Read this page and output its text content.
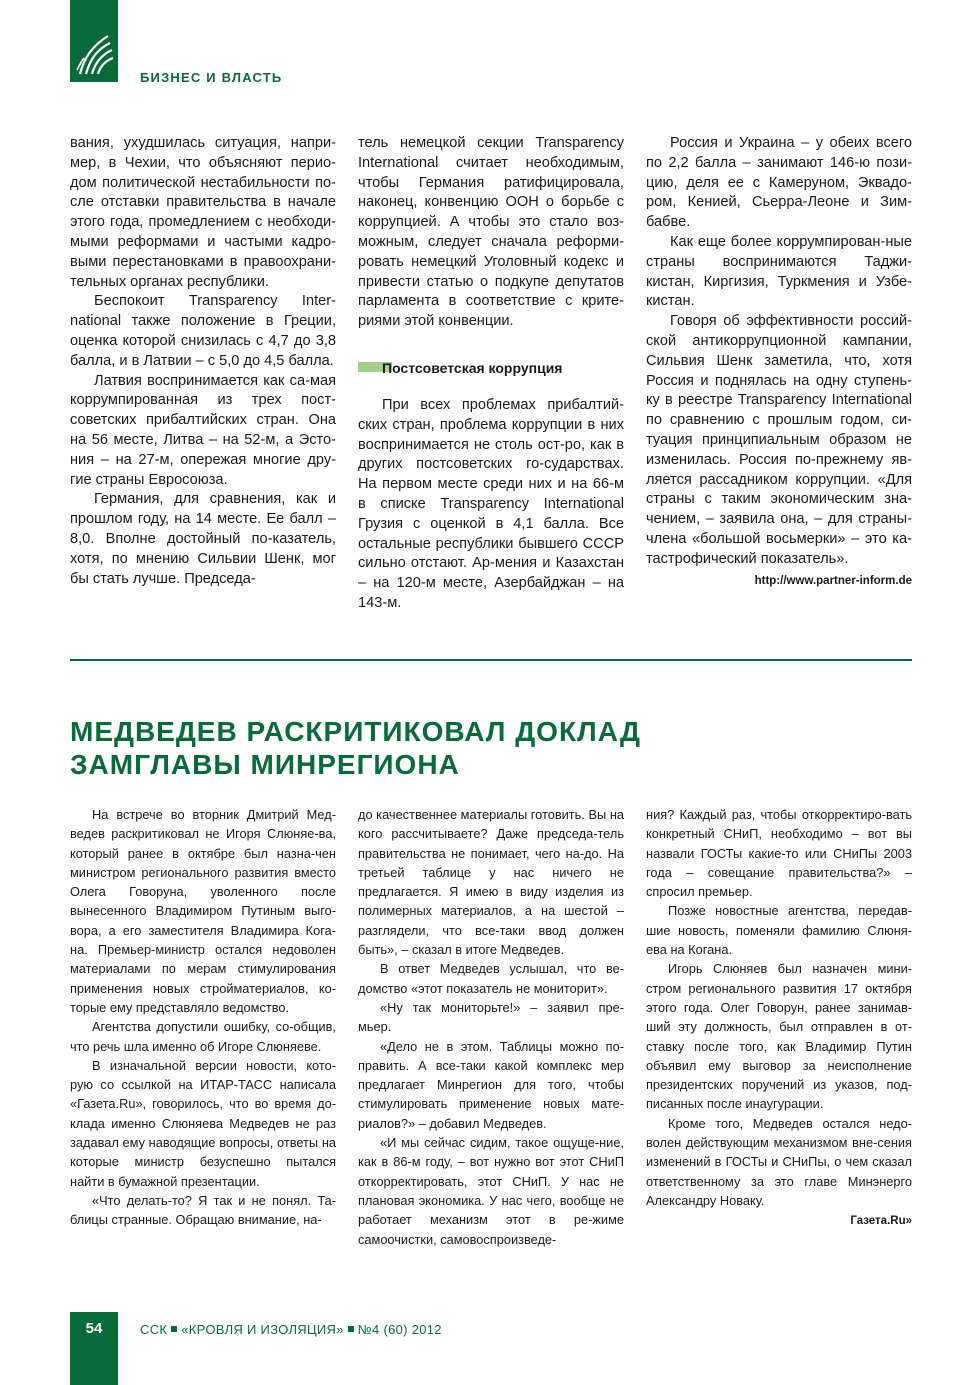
БИЗНЕС И ВЛАСТЬ

вания, ухудшилась ситуация, напри-мер, в Чехии, что объясняют перио-дом политической нестабильности по-сле отставки правительства в начале этого года, промедлением с необходи-мыми реформами и частыми кадро-выми перестановками в правоохрани-тельных органах республики.

Беспокоит Transparency Inter-national также положение в Греции, оценка которой снизилась с 4,7 до 3,8 балла, и в Латвии – с 5,0 до 4,5 балла.

Латвия воспринимается как са-мая коррумпированная из трех пост-советских прибалтийских стран. Она на 56 месте, Литва – на 52-м, а Эсто-ния – на 27-м, опережая многие дру-гие страны Евросоюза.

Германия, для сравнения, как и прошлом году, на 14 месте. Ее балл – 8,0. Вполне достойный по-казатель, хотя, по мнению Сильвии Шенк, мог бы стать лучше. Председа-

тель немецкой секции Transparency International считает необходимым, чтобы Германия ратифицировала, наконец, конвенцию ООН о борьбе с коррупцией. А чтобы это стало воз-можным, следует сначала реформи-ровать немецкий Уголовный кодекс и привести статью о подкупе депутатов парламента в соответствие с крите-риями этой конвенции.

Постсоветская коррупция

При всех проблемах прибалтий-ских стран, проблема коррупции в них воспринимается не столь ост-ро, как в других постсоветских го-сударствах. На первом месте среди них и на 66-м в списке Transparency International Грузия с оценкой в 4,1 балла. Все остальные республики бывшего СССР сильно отстают. Ар-мения и Казахстан – на 120-м месте, Азербайджан – на 143-м.

Россия и Украина – у обеих всего по 2,2 балла – занимают 146-ю пози-цию, деля ее с Камеруном, Эквадо-ром, Кенией, Сьерра-Леоне и Зим-бабве.

Как еще более коррумпирован-ные страны воспринимаются Таджи-кистан, Киргизия, Туркмения и Узбе-кистан.

Говоря об эффективности россий-ской антикоррупционной кампании, Сильвия Шенк заметила, что, хотя Россия и поднялась на одну ступень-ку в реестре Transparency International по сравнению с прошлым годом, си-туация принципиальным образом не изменилась. Россия по-прежнему яв-ляется рассадником коррупции. «Для страны с таким экономическим зна-чением, – заявила она, – для страны-члена «большой восьмерки» – это ка-тастрофический показатель».

http://www.partner-inform.de

МЕДВЕДЕВ РАСКРИТИКОВАЛ ДОКЛАД
ЗАМГЛАВЫ МИНРЕГИОНА

На встрече во вторник Дмитрий Мед-ведев раскритиковал не Игоря Слюняе-ва, который ранее в октябре был назна-чен министром регионального развития вместо Олега Говоруна, уволенного после вынесенного Владимиром Путиным выго-вора, а его заместителя Владимира Кога-на. Премьер-министр остался недоволен материалами по мерам стимулирования применения новых стройматериалов, ко-торые ему представляло ведомство.

Агентства допустили ошибку, со-общив, что речь шла именно об Игоре Слюняеве.

В изначальной версии новости, кото-рую со ссылкой на ИТАР-ТАСС написала «Газета.Ru», говорилось, что во время до-клада именно Слюняева Медведев не раз задавал ему наводящие вопросы, ответы на которые министр безуспешно пытался найти в бумажной презентации.

«Что делать-то? Я так и не понял. Та-блицы странные. Обращаю внимание, на-

до качественнее материалы готовить. Вы на кого рассчитываете? Даже председа-тель правительства не понимает, чего на-до. На третьей таблице у нас ничего не предлагается. Я имею в виду изделия из полимерных материалов, а на шестой – разглядели, что все-таки ввод должен быть», – сказал в итоге Медведев.

В ответ Медведев услышал, что ве-домство «этот показатель не мониторит».

«Ну так мониторьте!» – заявил пре-мьер.

«Дело не в этом. Таблицы можно по-править. А все-таки какой комплекс мер предлагает Минрегион для того, чтобы стимулировать применение новых мате-риалов?» – добавил Медведев.

«И мы сейчас сидим, такое ощуще-ние, как в 86-м году, – вот нужно вот этот СНиП откорректировать, этот СНиП. У нас не плановая экономика. У нас чего, вообще не работает механизм этот в ре-жиме самоочистки, самовоспроизведе-

ния? Каждый раз, чтобы откорректиро-вать конкретный СНиП, необходимо – вот вы назвали ГОСТы какие-то или СНиПы 2003 года – совещание правительства?» – спросил премьер.

Позже новостные агентства, передав-шие новость, поменяли фамилию Слюня-ева на Когана.

Игорь Слюняев был назначен мини-стром регионального развития 17 октября этого года. Олег Говорун, ранее занимав-ший эту должность, был отправлен в от-ставку после того, как Владимир Путин объявил ему выговор за неисполнение президентских поручений из указов, под-писанных после инаугурации.

Кроме того, Медведев остался недо-волен действующим механизмом вне-сения изменений в ГОСТы и СНиПы, о чем сказал ответственному за это главе Минэнерго Александру Новаку.

Газета.Ru»

54	ССК «КРОВЛЯ И ИЗОЛЯЦИЯ» №4 (60) 2012
